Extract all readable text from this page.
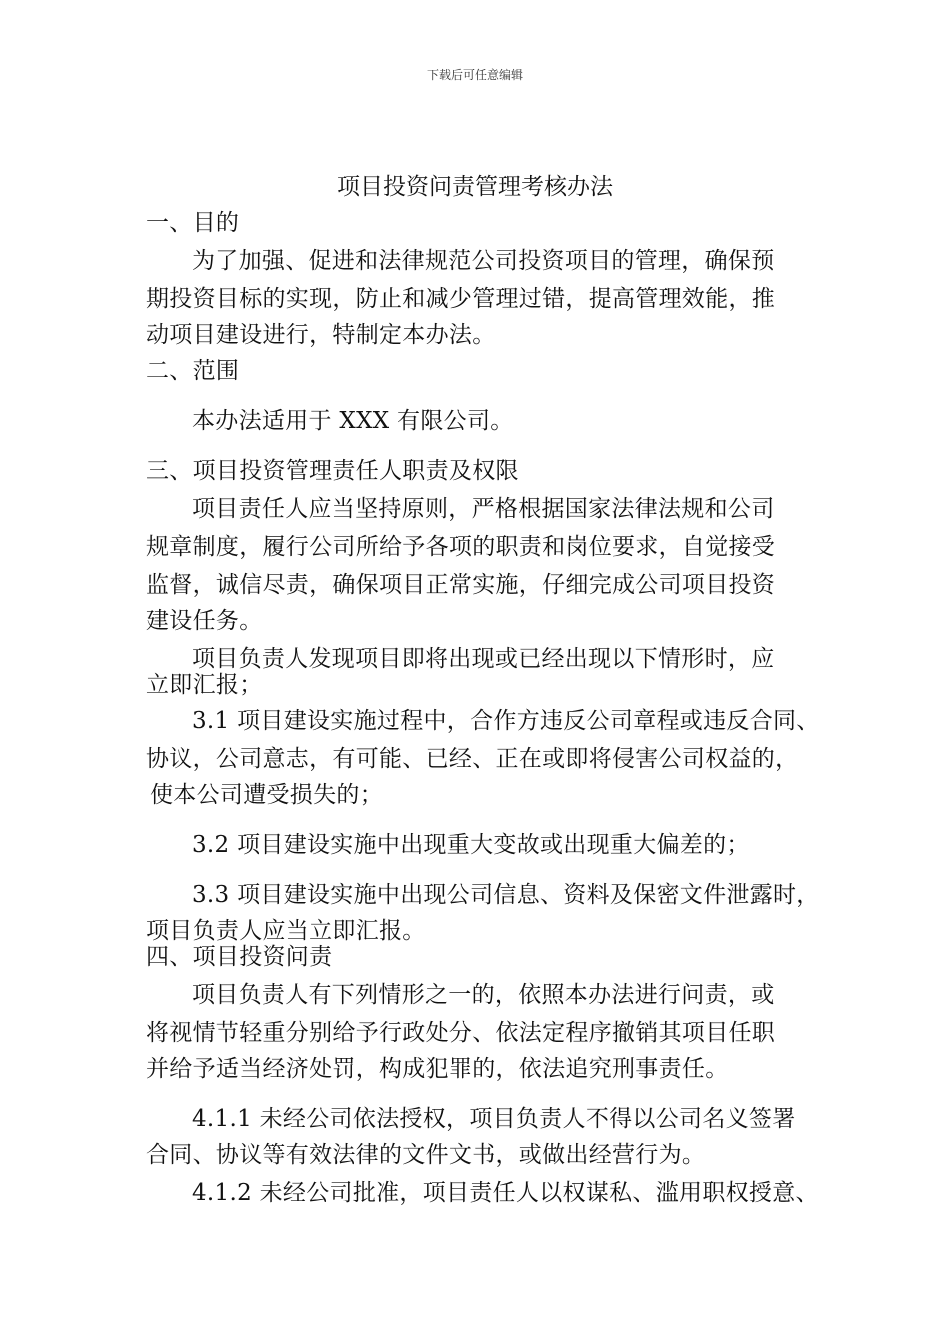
下载后可任意编辑
项目投资问责管理考核办法
一、目的
为了加强、促进和法律规范公司投资项目的管理，确保预
期投资目标的实现，防止和减少管理过错，提高管理效能，推
动项目建设进行，特制定本办法。
二、范围
本办法适用于 XXX 有限公司。
三、项目投资管理责任人职责及权限
项目责任人应当坚持原则，严格根据国家法律法规和公司
规章制度，履行公司所给予各项的职责和岗位要求，自觉接受
监督，诚信尽责，确保项目正常实施，仔细完成公司项目投资
建设任务。
项目负责人发现项目即将出现或已经出现以下情形时，应
立即汇报；
3.1 项目建设实施过程中，合作方违反公司章程或违反合同、
协议，公司意志，有可能、已经、正在或即将侵害公司权益的，
使本公司遭受损失的；
3.2 项目建设实施中出现重大变故或出现重大偏差的；
3.3 项目建设实施中出现公司信息、资料及保密文件泄露时，
项目负责人应当立即汇报。
四、项目投资问责
项目负责人有下列情形之一的，依照本办法进行问责，或
将视情节轻重分别给予行政处分、依法定程序撤销其项目任职
并给予适当经济处罚，构成犯罪的，依法追究刑事责任。
4.1.1 未经公司依法授权，项目负责人不得以公司名义签署
合同、协议等有效法律的文件文书，或做出经营行为。
4.1.2 未经公司批准，项目责任人以权谋私、滥用职权授意、
